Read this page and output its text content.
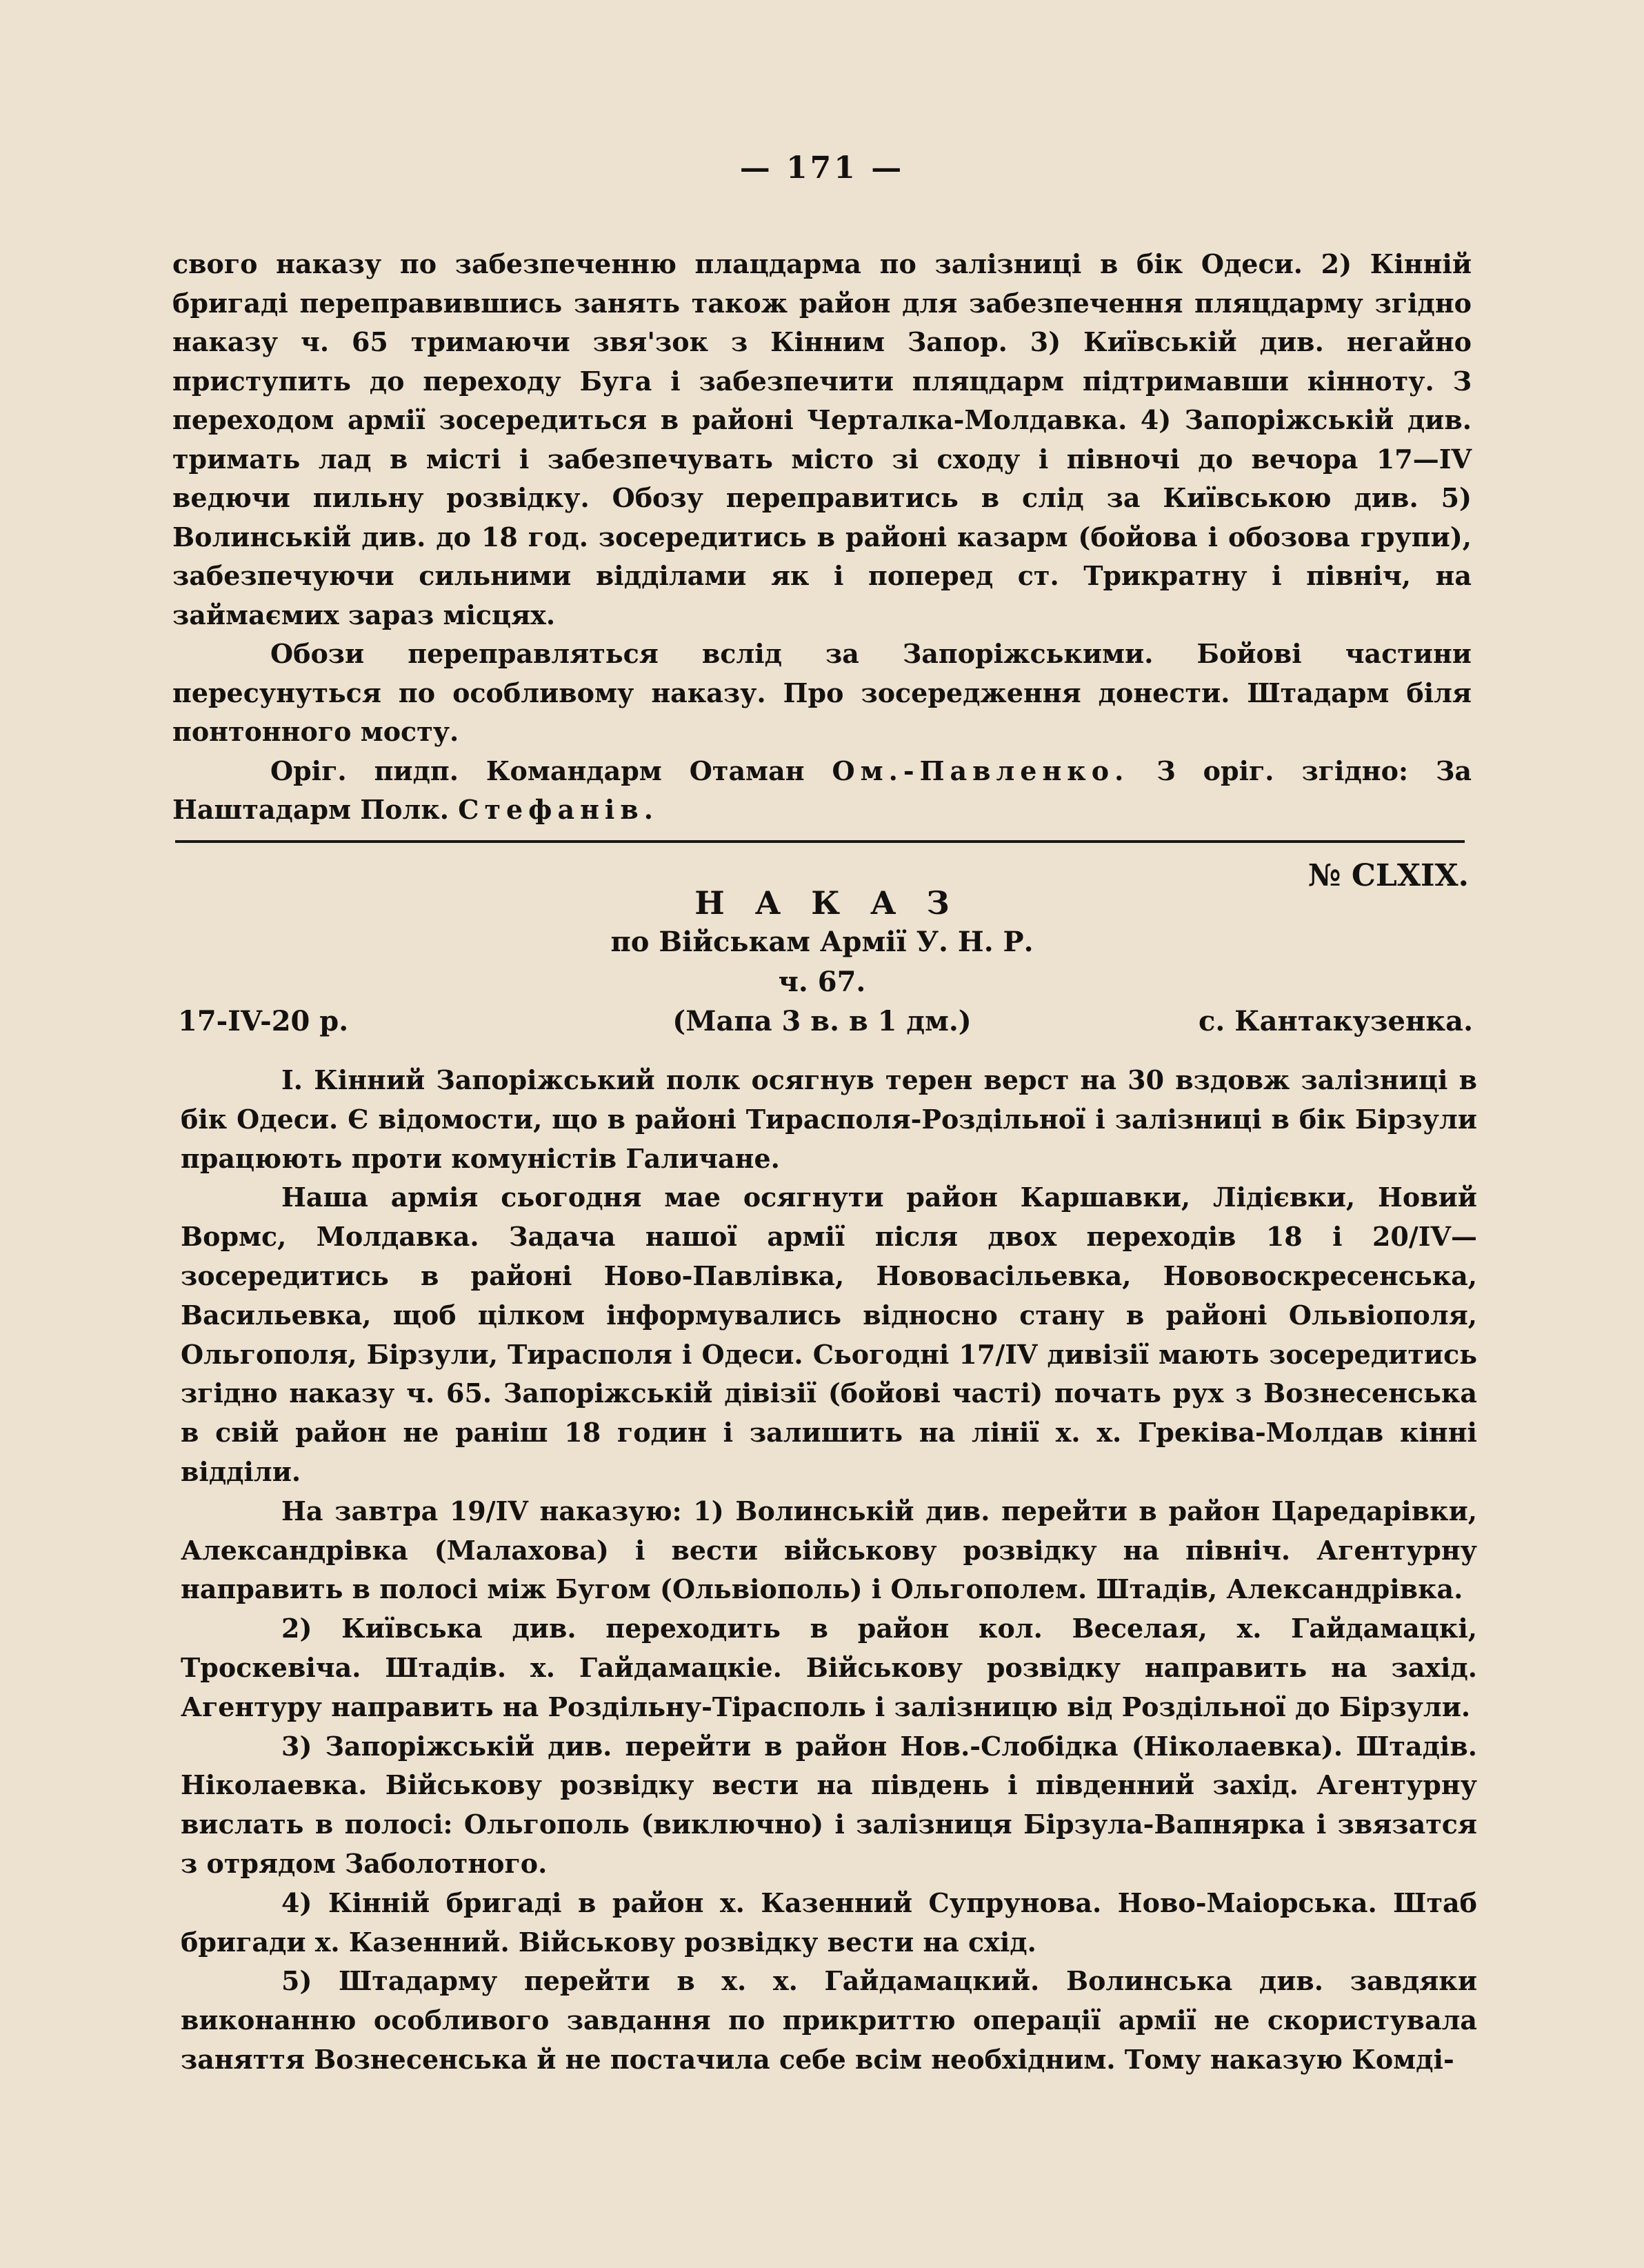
— 171 —

свого наказу по забезпеченню плацдарма по залізниці в бік Одеси. 2) Кінній бригаді переправившись занять також район для забезпечення пляцдарму згідно наказу ч. 65 тримаючи звя'зок з Кінним Запор. 3) Київській див. негайно приступить до переходу Буга і забезпечити пляцдарм підтримавши кінноту. З переходом армії зосередиться в районі Черталка-Молдавка. 4) Запоріжській див. тримать лад в місті і забезпечувать місто зі сходу і півночі до вечора 17—IV ведючи пильну розвідку. Обозу переправитись в слід за Київською див. 5) Волинській див. до 18 год. зосередитись в районі казарм (бойова і обозова групи), забезпечуючи сильними відділами як і поперед ст. Трикратну і північ, на займаємих зараз місцях.

Обози переправляться вслід за Запоріжськими. Бойові частини пересунуться по особливому наказу. Про зосередження донести. Штадарм біля понтонного мосту.

Оріг. пидп. Командарм Отаман Ом.-Павленко. З оріг. згідно: За Наштадарм Полк. Стефанів.

№ CLXIX.
НАКАЗ
по Військам Армії У. Н. Р.
ч. 67.
17-IV-20 р.	(Мапа 3 в. в 1 дм.)	с. Кантакузенка.

I. Кінний Запоріжський полк осягнув терен верст на 30 вздовж залізниці в бік Одеси. Є відомости, що в районі Тирасполя-Роздільної і залізниці в бік Бірзули працюють проти комуністів Галичане.

Наша армія сьогодня мае осягнути район Каршавки, Лідієвки, Новий Вормс, Молдавка. Задача нашої армії після двох переходів 18 і 20/IV—зосередитись в районі Ново-Павлівка, Нововасільевка, Нововоскресенська, Васильевка, щоб цілком інформувались відносно стану в районі Ольвіополя, Ольгополя, Бірзули, Тирасполя і Одеси. Сьогодні 17/IV дивізії мають зосередитись згідно наказу ч. 65. Запоріжській дівізії (бойові часті) почать рух з Вознесенська в свій район не раніш 18 годин і залишить на лінії х. х. Греківа-Молдав кінні відділи.

На завтра 19/IV наказую: 1) Волинській див. перейти в район Царедарівки, Александрівка (Малахова) і вести військову розвідку на північ. Агентурну направить в полосі між Бугом (Ольвіополь) і Ольгополем. Штадів, Александрівка.

2) Київська див. переходить в район кол. Веселая, х. Гайдамацкі, Троскевіча. Штадів. х. Гайдамацкіе. Військову розвідку направить на захід. Агентуру направить на Роздільну-Тірасполь і залізницю від Роздільної до Бірзули.

3) Запоріжській див. перейти в район Нов.-Слобідка (Ніколаевка). Штадів. Ніколаевка. Військову розвідку вести на південь і південний захід. Агентурну вислать в полосі: Ольгополь (виключно) і залізниця Бірзула-Вапнярка і звязатся з отрядом Заболотного.

4) Кінній бригаді в район х. Казенний Супрунова. Ново-Маіорська. Штаб бригади х. Казенний. Військову розвідку вести на схід.

5) Штадарму перейти в х. х. Гайдамацкий. Волинська див. завдяки виконанню особливого завдання по прикриттю операції армії не скористувала заняття Вознесенська й не постачила себе всім необхідним. Тому наказую Комді-
